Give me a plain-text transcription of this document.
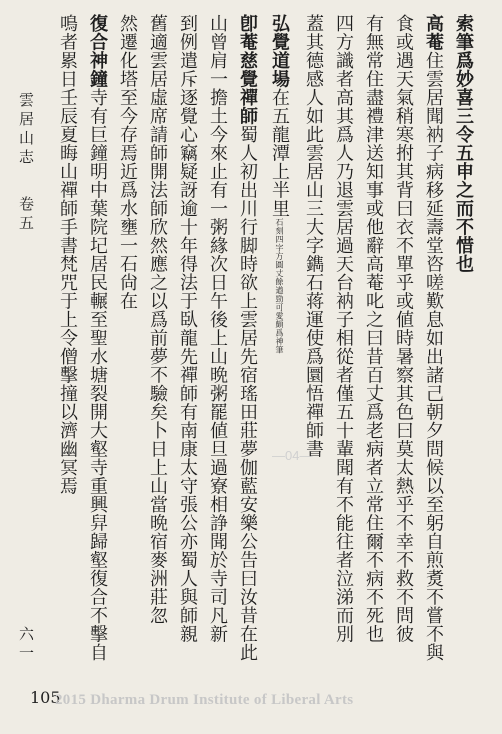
索筆爲妙喜三令五申之而不惜也
高菴住雲居聞衲子病移延壽堂咨嗟歎息如出諸己朝夕問候以至躬自煎煑不嘗不與
食或遇天氣稍寒拊其背曰衣不單乎或値時暑察其色曰莫太熱乎不幸不救不問彼
有無常住盡禮津送知事或他辭高菴叱之曰昔百丈爲老病者立常住爾不病不死也
四方識者高其爲人乃退雲居過天台衲子相從者僅五十輩聞有不能往者泣涕而別
蓋其德感人如此雲居山三大字鐫石蒋運使爲圜悟禪師書
弘覺道場在五龍潭上半里石刻四字方圓丈餘遒勁可愛頗爲神筆
卽菴慈覺禪師蜀人初出川行脚時欲上雲居先宿瑤田莊夢伽藍安樂公告曰汝昔在此
山曾肩一擔土今來止有一粥緣次日午後上山晩粥罷値旦過寮相諍聞於寺司凡新
到例遣斥逐覺心竊疑訝逾十年得法于臥龍先禪師有南康太守張公亦蜀人與師親
舊適雲居虛席請師開法師欣然應之以爲前夢不驗矣卜日上山當晩宿麥洲莊忽
然遷化塔至今存焉近爲水壅一石尙在
復合神鐘寺有巨鐘明中葉院圮居民輾至聖水塘裂開大壑寺重興舁歸壑復合不擊自
鳴者累日壬辰夏晦山禪師手書梵咒于上令僧擊撞以濟幽冥焉
雲居山志
卷五
六一
105
2015 Dharma Drum Institute of Liberal Arts
—04—
